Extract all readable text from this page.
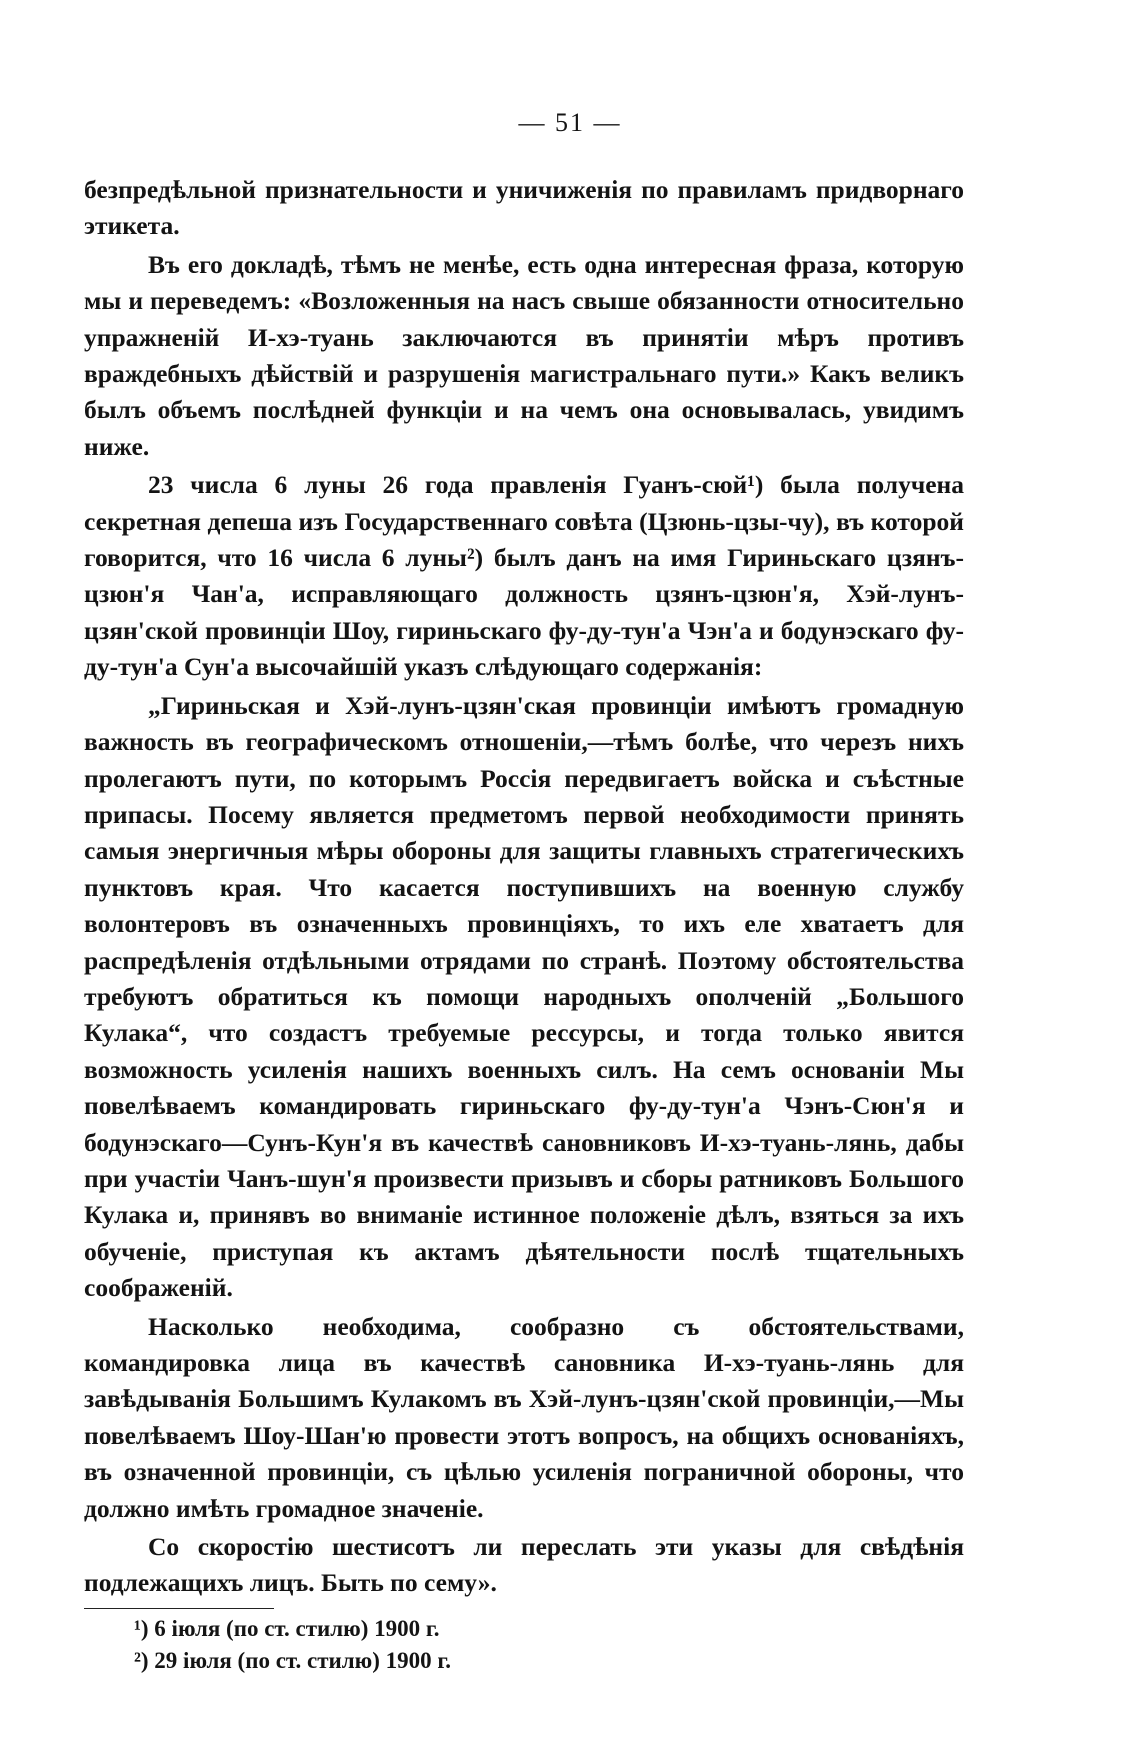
— 51 —

безпредѣльной признательности и уничиженія по правиламъ придворнаго этикета.

Въ его докладѣ, тѣмъ не менѣе, есть одна интересная фраза, которую мы и переведемъ: «Возложенныя на насъ свыше обязанности относительно упражненій И-хэ-туань заключаются въ принятіи мѣръ противъ враждебныхъ дѣйствій и разрушенія магистральнаго пути.» Какъ великъ былъ объемъ послѣдней функціи и на чемъ она основывалась, увидимъ ниже.

23 числа 6 луны 26 года правленія Гуанъ-сюй¹) была получена секретная депеша изъ Государственнаго совѣта (Цзюнь-цзы-чу), въ которой говорится, что 16 числа 6 луны²) былъ данъ на имя Гириньскаго цзянъ-цзюн'я Чан'а, исправляющаго должность цзянъ-цзюн'я, Хэй-лунъ-цзян'ской провинціи Шоу, гириньскаго фу-ду-тун'а Чэн'а и бодунэскаго фу-ду-тун'а Сун'а высочайшій указъ слѣдующаго содержанія:

„Гириньская и Хэй-лунъ-цзян'ская провинціи имѣютъ громадную важность въ географическомъ отношеніи,—тѣмъ болѣе, что черезъ нихъ пролегаютъ пути, по которымъ Россія передвигаетъ войска и съѣстные припасы. Посему является предметомъ первой необходимости принять самыя энергичныя мѣры обороны для защиты главныхъ стратегическихъ пунктовъ края. Что касается поступившихъ на военную службу волонтеровъ въ означенныхъ провинціяхъ, то ихъ еле хватаетъ для распредѣленія отдѣльными отрядами по странѣ. Поэтому обстоятельства требуютъ обратиться къ помощи народныхъ ополченій „Большого Кулака“, что создастъ требуемые рессурсы, и тогда только явится возможность усиленія нашихъ военныхъ силъ. На семъ основаніи Мы повелѣваемъ командировать гириньскаго фу-ду-тун'а Чэнъ-Сюн'я и бодунэскаго—Сунъ-Кун'я въ качествѣ сановниковъ И-хэ-туань-лянь, дабы при участіи Чанъ-шун'я произвести призывъ и сборы ратниковъ Большого Кулака и, принявъ во вниманіе истинное положеніе дѣлъ, взяться за ихъ обученіе, приступая къ актамъ дѣятельности послѣ тщательныхъ соображеній.

Насколько необходима, сообразно съ обстоятельствами, командировка лица въ качествѣ сановника И-хэ-туань-лянь для завѣдыванія Большимъ Кулакомъ въ Хэй-лунъ-цзян'ской провинціи,—Мы повелѣваемъ Шоу-Шан'ю провести этотъ вопросъ, на общихъ основаніяхъ, въ означенной провинціи, съ цѣлью усиленія пограничной обороны, что должно имѣть громадное значеніе.

Со скоростію шестисотъ ли переслать эти указы для свѣдѣнія подлежащихъ лицъ. Быть по сему».

¹) 6 іюля (по ст. стилю) 1900 г.
²) 29 іюля (по ст. стилю) 1900 г.
